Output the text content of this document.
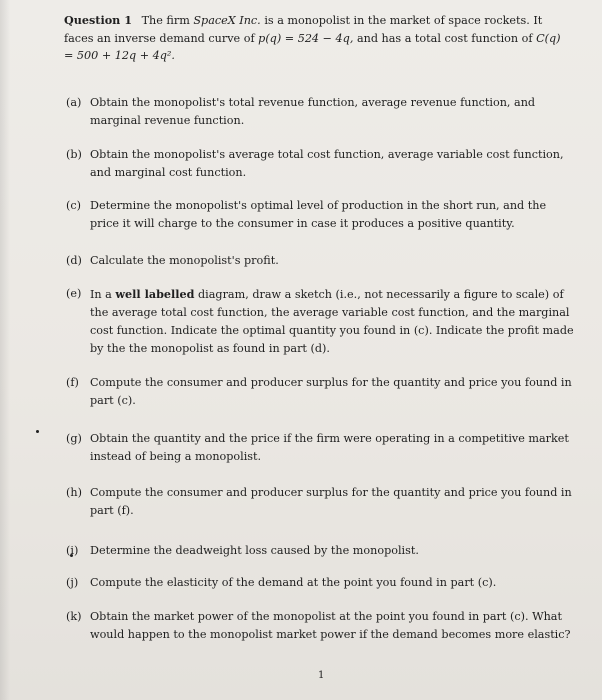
Question 1 The firm SpaceX Inc. is a monopolist in the market of space rockets. It faces an inverse demand curve of p(q) = 524 − 4q, and has a total cost function of C(q) = 500 + 12q + 4q².
(a) Obtain the monopolist's total revenue function, average revenue function, and marginal revenue function.
(b) Obtain the monopolist's average total cost function, average variable cost function, and marginal cost function.
(c) Determine the monopolist's optimal level of production in the short run, and the price it will charge to the consumer in case it produces a positive quantity.
(d) Calculate the monopolist's profit.
(e) In a well labelled diagram, draw a sketch (i.e., not necessarily a figure to scale) of the average total cost function, the average variable cost function, and the marginal cost function. Indicate the optimal quantity you found in (c). Indicate the profit made by the the monopolist as found in part (d).
(f) Compute the consumer and producer surplus for the quantity and price you found in part (c).
(g) Obtain the quantity and the price if the firm were operating in a competitive market instead of being a monopolist.
(h) Compute the consumer and producer surplus for the quantity and price you found in part (f).
(i)	Determine the deadweight loss caused by the monopolist.
(j)	Compute the elasticity of the demand at the point you found in part (c).
(k) Obtain the market power of the monopolist at the point you found in part (c). What would happen to the monopolist market power if the demand becomes more elastic?
1
